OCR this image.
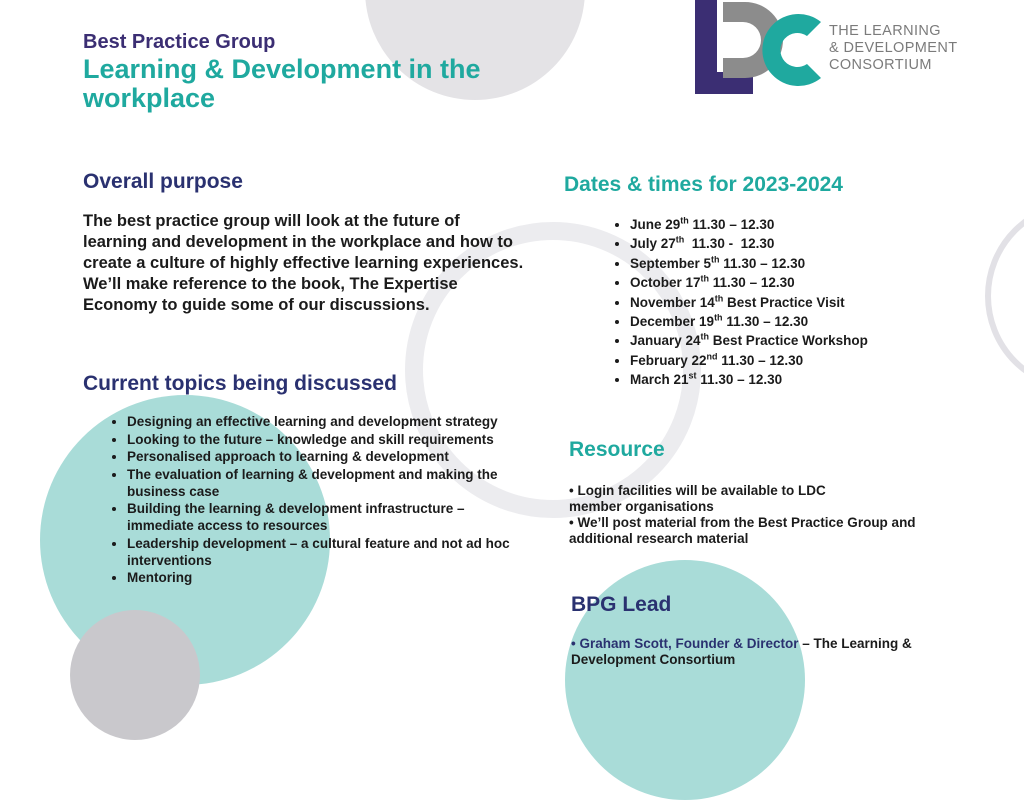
Best Practice Group
Learning & Development in the workplace
THE LEARNING
& DEVELOPMENT
CONSORTIUM
Overall purpose
The best practice group will look at the future of learning and development in the workplace and how to create a culture of highly effective learning experiences. We’ll make reference to the book, The Expertise Economy to guide some of our discussions.
Current topics being discussed
• Designing an effective learning and development strategy
• Looking to the future – knowledge and skill requirements
• Personalised approach to learning & development
• The evaluation of learning & development and making the business case
• Building the learning & development infrastructure – immediate access to resources
• Leadership development – a cultural feature and not ad hoc interventions
• Mentoring
Dates & times for 2023-2024
• June 29th 11.30 – 12.30
• July 27th  11.30 -  12.30
• September 5th 11.30 – 12.30
• October 17th 11.30 – 12.30
• November 14th Best Practice Visit
• December 19th 11.30 – 12.30
• January 24th Best Practice Workshop
• February 22nd 11.30 – 12.30
• March 21st 11.30 – 12.30
Resource
• Login facilities will be available to LDC member organisations
• We’ll post material from the Best Practice Group and additional research material
BPG Lead
• Graham Scott, Founder & Director – The Learning & Development Consortium
